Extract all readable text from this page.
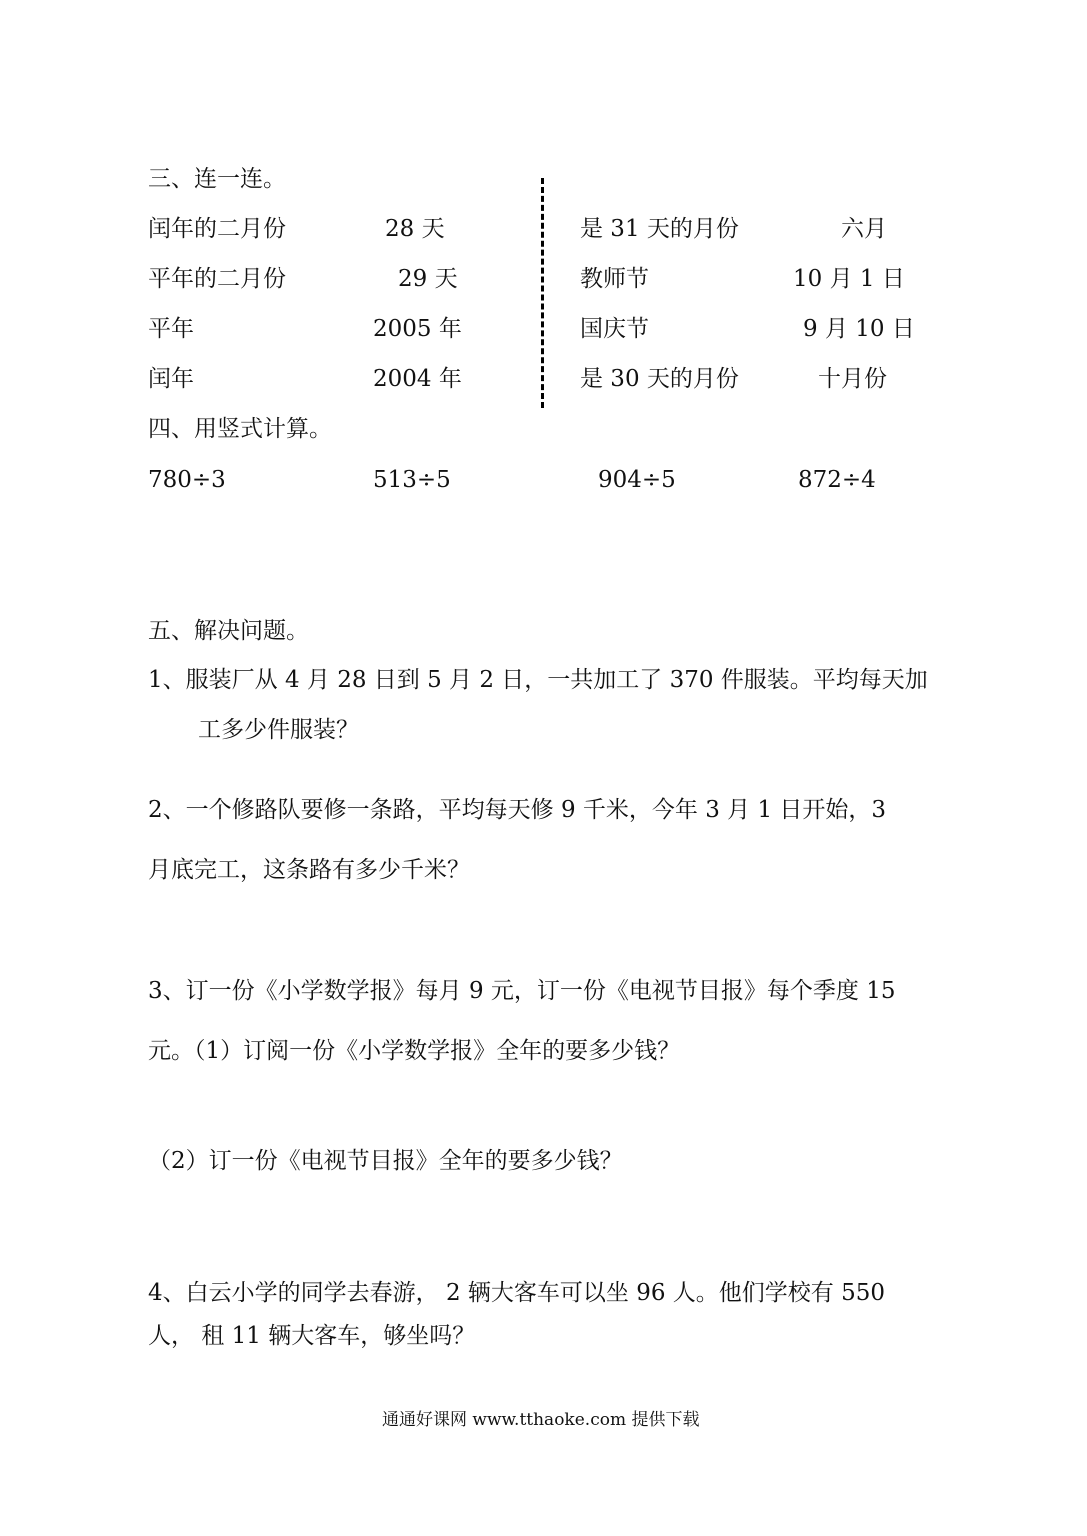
三、连一连。
闰年的二月份	28 天
平年的二月份	29 天
平年	2005 年
闰年	2004 年
是 31 天的月份	六月
教师节	10 月 1 日
国庆节	9 月 10 日
是 30 天的月份	十月份
四、用竖式计算。
780÷3	513÷5	904÷5	872÷4
五、解决问题。
1、服装厂从 4 月 28 日到 5 月 2 日，一共加工了 370 件服装。平均每天加
工多少件服装？
2、一个修路队要修一条路，平均每天修 9 千米，今年 3 月 1 日开始，3
月底完工，这条路有多少千米？
3、订一份《小学数学报》每月 9 元，订一份《电视节目报》每个季度 15
元。（1）订阅一份《小学数学报》全年的要多少钱？
（2）订一份《电视节目报》全年的要多少钱？
4、白云小学的同学去春游， 2 辆大客车可以坐 96 人。他们学校有 550
人， 租 11 辆大客车，够坐吗？
通通好课网 www.tthaoke.com 提供下载
